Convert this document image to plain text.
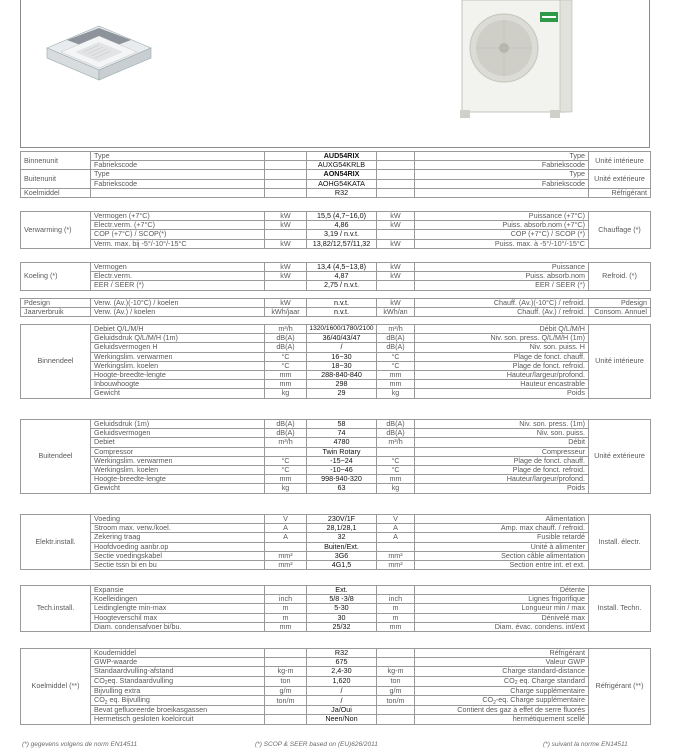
Binnenunit	Type		AUD54RIX		Type	Unité intérieure
	Fabriekscode		AUXG54KRLB		Fabriekscode	
Buitenunit	Type		AON54RIX		Type	Unité extérieure
	Fabriekscode		AOHG54KATA		Fabriekscode	
Koelmiddel			R32			Réfrigérant
Verwarming (*)	Vermogen (+7°C)	kW	15,5 (4,7~16,0)	kW	Puissance (+7°C)	Chauffage (*)
	Electr.verm. (+7°C)	kW	4,86	kW	Puiss. absorb.nom (+7°C)	
	COP (+7°C) / SCOP(*)		3,19 / n.v.t.		COP (+7°C) / SCOP (*)	
	Verm. max. bij -5°/-10°/-15°C	kW	13,82/12,57/11,32	kW	Puiss. max. à -5°/-10°/-15°C	
Koeling (*)	Vermogen	kW	13,4 (4,5~13,8)	kW	Puissance	Refroid. (*)
	Electr.verm.	kW	4,87	kW	Puiss. absorb.nom	
	EER / SEER (*)		2,75 / n.v.t.		EER / SEER (*)	
Pdesign	Verw. (Av.)(-10°C) / koelen	kW	n.v.t.	kW	Chauff. (Av.)(-10°C) / refroid.	Pdesign
Jaarverbruik	Verw. (Av.) / koelen	kWh/jaar	n.v.t.	kWh/an	Chauff. (Av.) / refroid.	Consom. Annuel
Binnendeel	Debiet Q/L/M/H	m³/h	1320/1600/1780/2100	m³/h	Débit Q/L/M/H	Unité intérieure
	Geluidsdruk Q/L/M/H (1m)	dB(A)	36/40/43/47	dB(A)	Niv. son. press. Q/L/M/H (1m)	
	Geluidsvermogen H	dB(A)	/	dB(A)	Niv. son. puiss. H	
	Werkingslim. verwarmen	°C	16~30	°C	Plage de fonct. chauff.	
	Werkingslim. koelen	°C	18~30	°C	Plage de fonct. refroid.	
	Hoogte-breedte-lengte	mm	288-840-840	mm	Hauteur/largeur/profond.	
	Inbouwhoogte	mm	298	mm	Hauteur encastrable	
	Gewicht	kg	29	kg	Poids	
Buitendeel	Geluidsdruk (1m)	dB(A)	58	dB(A)	Niv. son. press. (1m)	Unité extérieure
	Geluidsvermogen	dB(A)	74	dB(A)	Niv. son. puiss.	
	Debiet	m³/h	4780	m³/h	Débit	
	Compressor		Twin Rotary		Compresseur	
	Werkingslim. verwarmen	°C	-15~24	°C	Plage de fonct. chauff.	
	Werkingslim. koelen	°C	-10~46	°C	Plage de fonct. refroid.	
	Hoogte-breedte-lengte	mm	998-940-320	mm	Hauteur/largeur/profond.	
	Gewicht	kg	63	kg	Poids	
Elektr.install.	Voeding	V	230V/1F	V	Alimentation	Install. électr.
	Stroom max. verw./koel.	A	28,1/28,1	A	Amp. max chauff. / refroid.	
	Zekering traag	A	32	A	Fusible retardé	
	Hoofdvoeding aanbr.op		Buiten/Ext.		Unité à alimenter	
	Sectie voedingskabel	mm²	3G6	mm²	Section câble alimentation	
	Sectie tssn bi en bu	mm²	4G1,5	mm²	Section entre int. et ext.	
Tech.install.	Expansie		Ext.		Détente	Install. Techn.
	Koelleidingen	inch	5/8 -3/8	inch	Lignes frigorifique	
	Leidinglengte min-max	m	5-30	m	Longueur min / max	
	Hoogteverschil max	m	30	m	Dénivelé max	
	Diam. condensafvoer bi/bu.	mm	25/32	mm	Diam. évac. condens. int/ext	
Koelmiddel (**)	Koudemiddel		R32		Réfrigérant	Réfrigérant (**)
	GWP-waarde		675		Valeur GWP	
	Standaardvulling-afstand	kg-m	2,4-30	kg-m	Charge standard-distance	
	$CO_2eq$. Standaardvulling	ton	1,620	ton	$CO_2$ eq. Charge standard	
	Bijvulling extra	g/m	/	g/m	Charge supplémentaire	
	$CO_2$ eq. Bijvulling	ton/m	/	ton/m	$CO_2-eq$. Charge supplémentaire	
	Bevat gefluoreerde broeikasgassen		Ja/Oui		Contient des gaz à effet de serre fluorés	
	Hermetisch gesloten koelcircuit		Neen/Non		hermétiquement scellé	
(*) gegevens volgens de norm EN14511	(*) SCOP & SEER based on (EU)626/2011	(*) suivant la norme EN14511
